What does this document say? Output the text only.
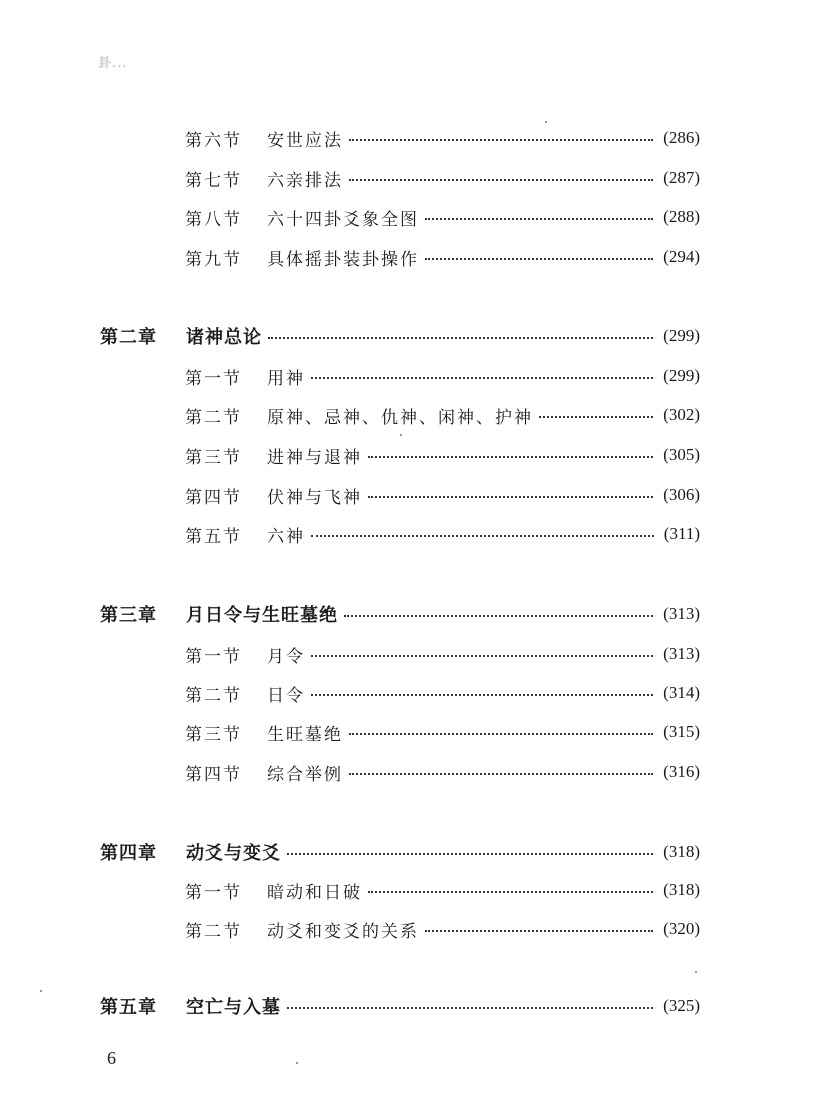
卦...
第六节	安世应法	(286)
第七节	六亲排法	(287)
第八节	六十四卦爻象全图	(288)
第九节	具体摇卦装卦操作	(294)
第二章	诸神总论	(299)
第一节	用神	(299)
第二节	原神、忌神、仇神、闲神、护神	(302)
第三节	进神与退神	(305)
第四节	伏神与飞神	(306)
第五节	六神	(311)
第三章	月日令与生旺墓绝	(313)
第一节	月令	(313)
第二节	日令	(314)
第三节	生旺墓绝	(315)
第四节	综合举例	(316)
第四章	动爻与变爻	(318)
第一节	暗动和日破	(318)
第二节	动爻和变爻的关系	(320)
第五章	空亡与入墓	(325)
6
